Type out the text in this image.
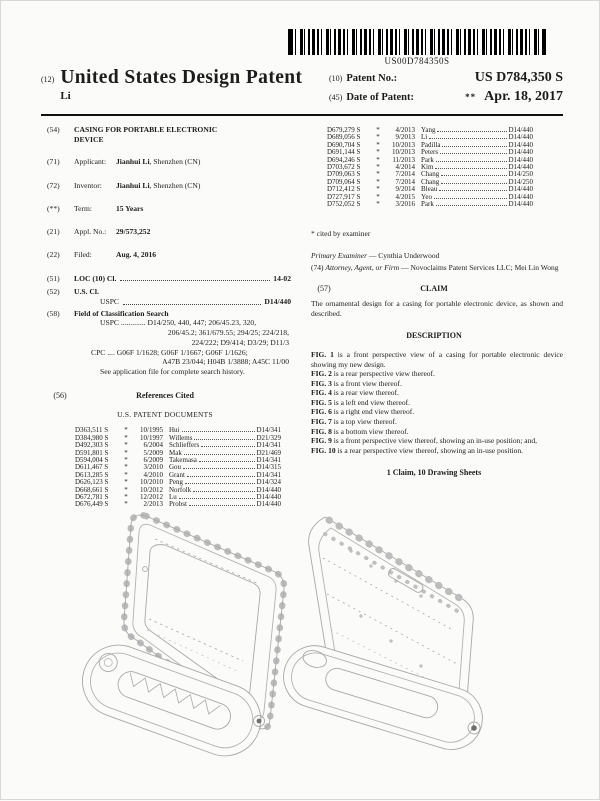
US00D784350S
(12) United States Design Patent
Li
(10) Patent No.:	US D784,350 S
(45) Date of Patent:	** Apr. 18, 2017
(54)	CASING FOR PORTABLE ELECTRONIC DEVICE
(71)	Applicant:	Jianhui Li, Shenzhen (CN)
(72)	Inventor:	Jianhui Li, Shenzhen (CN)
(**)	Term:	15 Years
(21)	Appl. No.:	29/573,252
(22)	Filed:	Aug. 4, 2016
(51)	LOC (10) Cl.	14-02
(52)	U.S. Cl.
USPC	D14/440
(58)	Field of Classification Search
USPC ............. D14/250, 440, 447; 206/45.23, 320,
206/45.2; 361/679.55; 294/25; 224/218,
224/222; D9/414; D3/29; D11/3
CPC .... G06F 1/1628; G06F 1/1667; G06F 1/1626;
A47B 23/044; H04B 1/3888; A45C 11/00
See application file for complete search history.
(56)	References Cited
U.S. PATENT DOCUMENTS
D363,511 S	*	10/1995 Hui	D14/341
D384,980 S	*	10/1997 Willems	D21/329
D492,303 S	*	6/2004 Schlieffers	D14/341
D591,801 S	*	5/2009 Mak	D21/469
D594,004 S	*	6/2009 Takemasa	D14/341
D611,467 S	*	3/2010 Gou	D14/315
D613,285 S	*	4/2010 Grant	D14/341
D626,123 S	*	10/2010 Peng	D14/324
D668,661 S	*	10/2012 Norfolk	D14/440
D672,781 S	*	12/2012 Lu	D14/440
D676,449 S	*	2/2013 Probst	D14/440
D679,279 S	*	4/2013 Yang	D14/440
D689,056 S	*	9/2013 Li	D14/440
D690,704 S	*	10/2013 Padilla	D14/440
D691,144 S	*	10/2013 Peters	D14/440
D694,246 S	*	11/2013 Park	D14/440
D703,672 S	*	4/2014 Kim	D14/440
D709,063 S	*	7/2014 Chang	D14/250
D709,064 S	*	7/2014 Chang	D14/250
D712,412 S	*	9/2014 Bleau	D14/440
D727,917 S	*	4/2015 Yeo	D14/440
D752,052 S	*	3/2016 Park	D14/440

* cited by examiner

Primary Examiner — Cynthia Underwood

(74) Attorney, Agent, or Firm — Novoclaims Patent Services LLC; Mei Lin Wong

(57)	CLAIM

The ornamental design for a casing for portable electronic device, as shown and described.

DESCRIPTION

FIG. 1 is a front perspective view of a casing for portable electronic device showing my new design.

FIG. 2 is a rear perspective view thereof.

FIG. 3 is a front view thereof.

FIG. 4 is a rear view thereof.

FIG. 5 is a left end view thereof.

FIG. 6 is a right end view thereof.

FIG. 7 is a top view thereof.

FIG. 8 is a bottom view thereof.

FIG. 9 is a front perspective view thereof, showing an in-use position; and,

FIG. 10 is a rear perspective view thereof, showing an in-use position.

1 Claim, 10 Drawing Sheets
